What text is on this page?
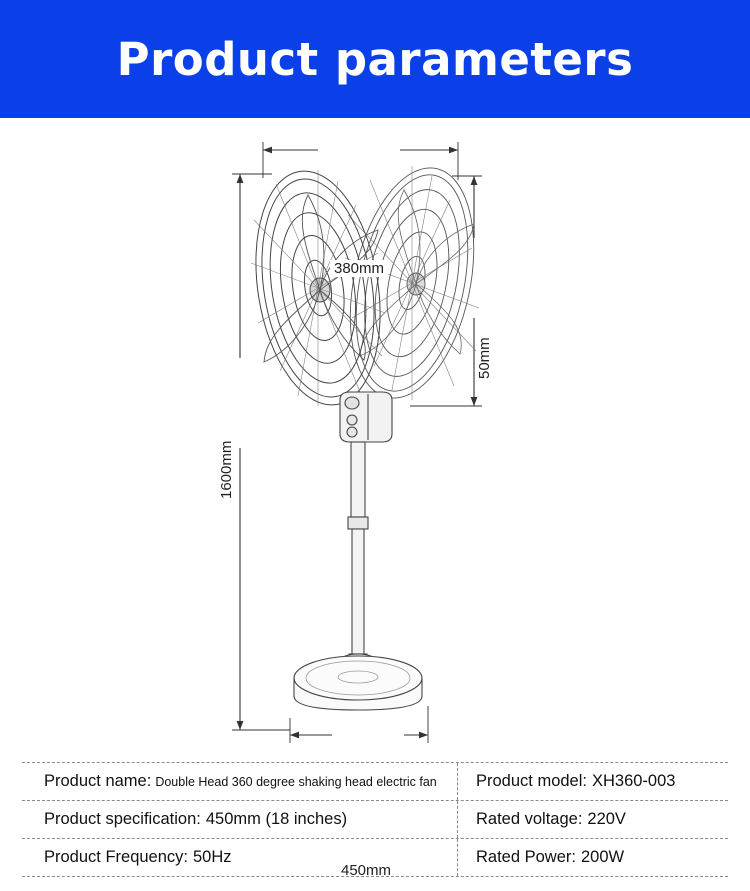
Product parameters
380mm
1600mm
50mm
450mm
Product name: Double Head 360 degree shaking head electric fan Product model: XH360-003
Product specification: 450mm (18 inches)	Rated voltage: 220V
Product Frequency: 50Hz	Rated Power: 200W
